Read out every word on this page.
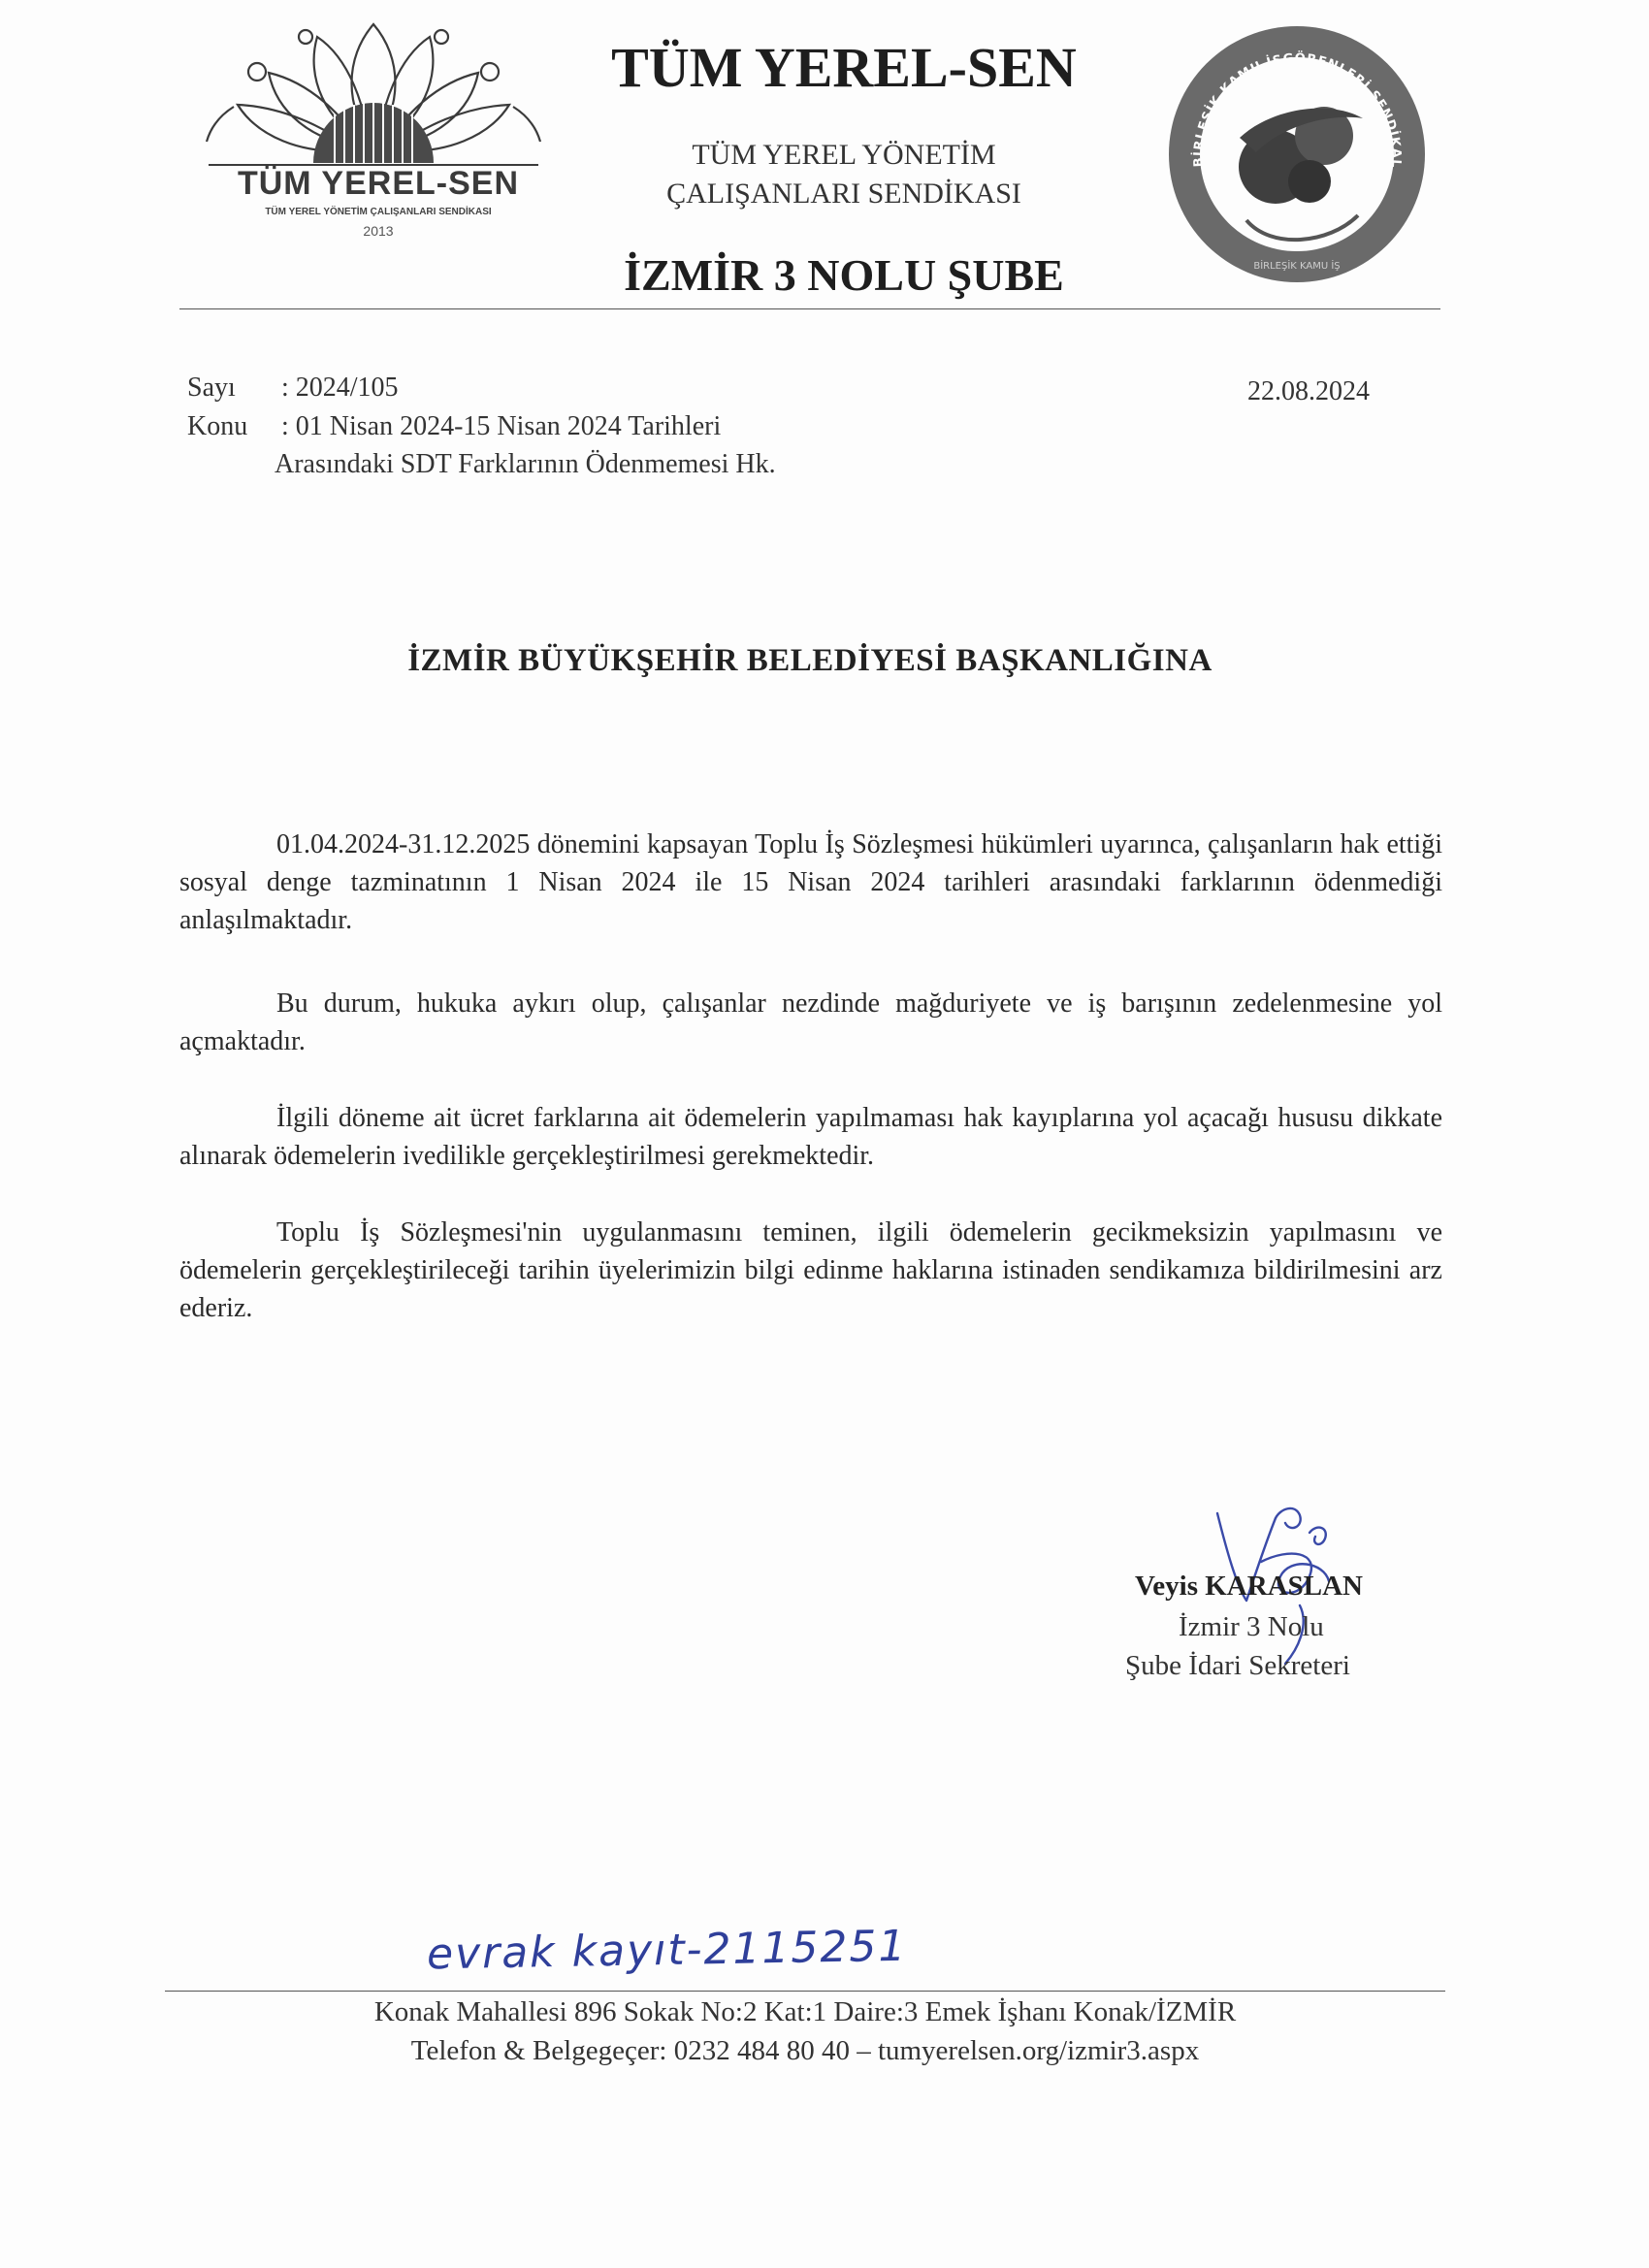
TÜM YEREL-SEN
TÜM YEREL YÖNETİM ÇALIŞANLARI SENDİKASI
2013
TÜM YEREL-SEN
TÜM YEREL YÖNETİM
ÇALIŞANLARI SENDİKASI
İZMİR 3 NOLU ŞUBE
BİRLEŞİK KAMU İŞGÖRENLERİ SENDİKAL
BİRLEŞİK KAMU İŞ
Sayı : 2024/105
Konu : 01 Nisan 2024-15 Nisan 2024 Tarihleri
Arasındaki SDT Farklarının Ödenmemesi Hk.
22.08.2024
İZMİR BÜYÜKŞEHİR BELEDİYESİ BAŞKANLIĞINA

01.04.2024-31.12.2025 dönemini kapsayan Toplu İş Sözleşmesi hükümleri uyarınca, çalışanların hak ettiği sosyal denge tazminatının 1 Nisan 2024 ile 15 Nisan 2024 tarihleri arasındaki farklarının ödenmediği anlaşılmaktadır.

Bu durum, hukuka aykırı olup, çalışanlar nezdinde mağduriyete ve iş barışının zedelenmesine yol açmaktadır.

İlgili döneme ait ücret farklarına ait ödemelerin yapılmaması hak kayıplarına yol açacağı hususu dikkate alınarak ödemelerin ivedilikle gerçekleştirilmesi gerekmektedir.

Toplu İş Sözleşmesi'nin uygulanmasını teminen, ilgili ödemelerin gecikmeksizin yapılmasını ve ödemelerin gerçekleştirileceği tarihin üyelerimizin bilgi edinme haklarına istinaden sendikamıza bildirilmesini arz ederiz.

Veyis KARASLAN
İzmir 3 Nolu
Şube İdari Sekreteri
evrak kayıt-2115251
Konak Mahallesi 896 Sokak No:2 Kat:1 Daire:3 Emek İşhanı Konak/İZMİR
Telefon & Belgegeçer: 0232 484 80 40 – tumyerelsen.org/izmir3.aspx
